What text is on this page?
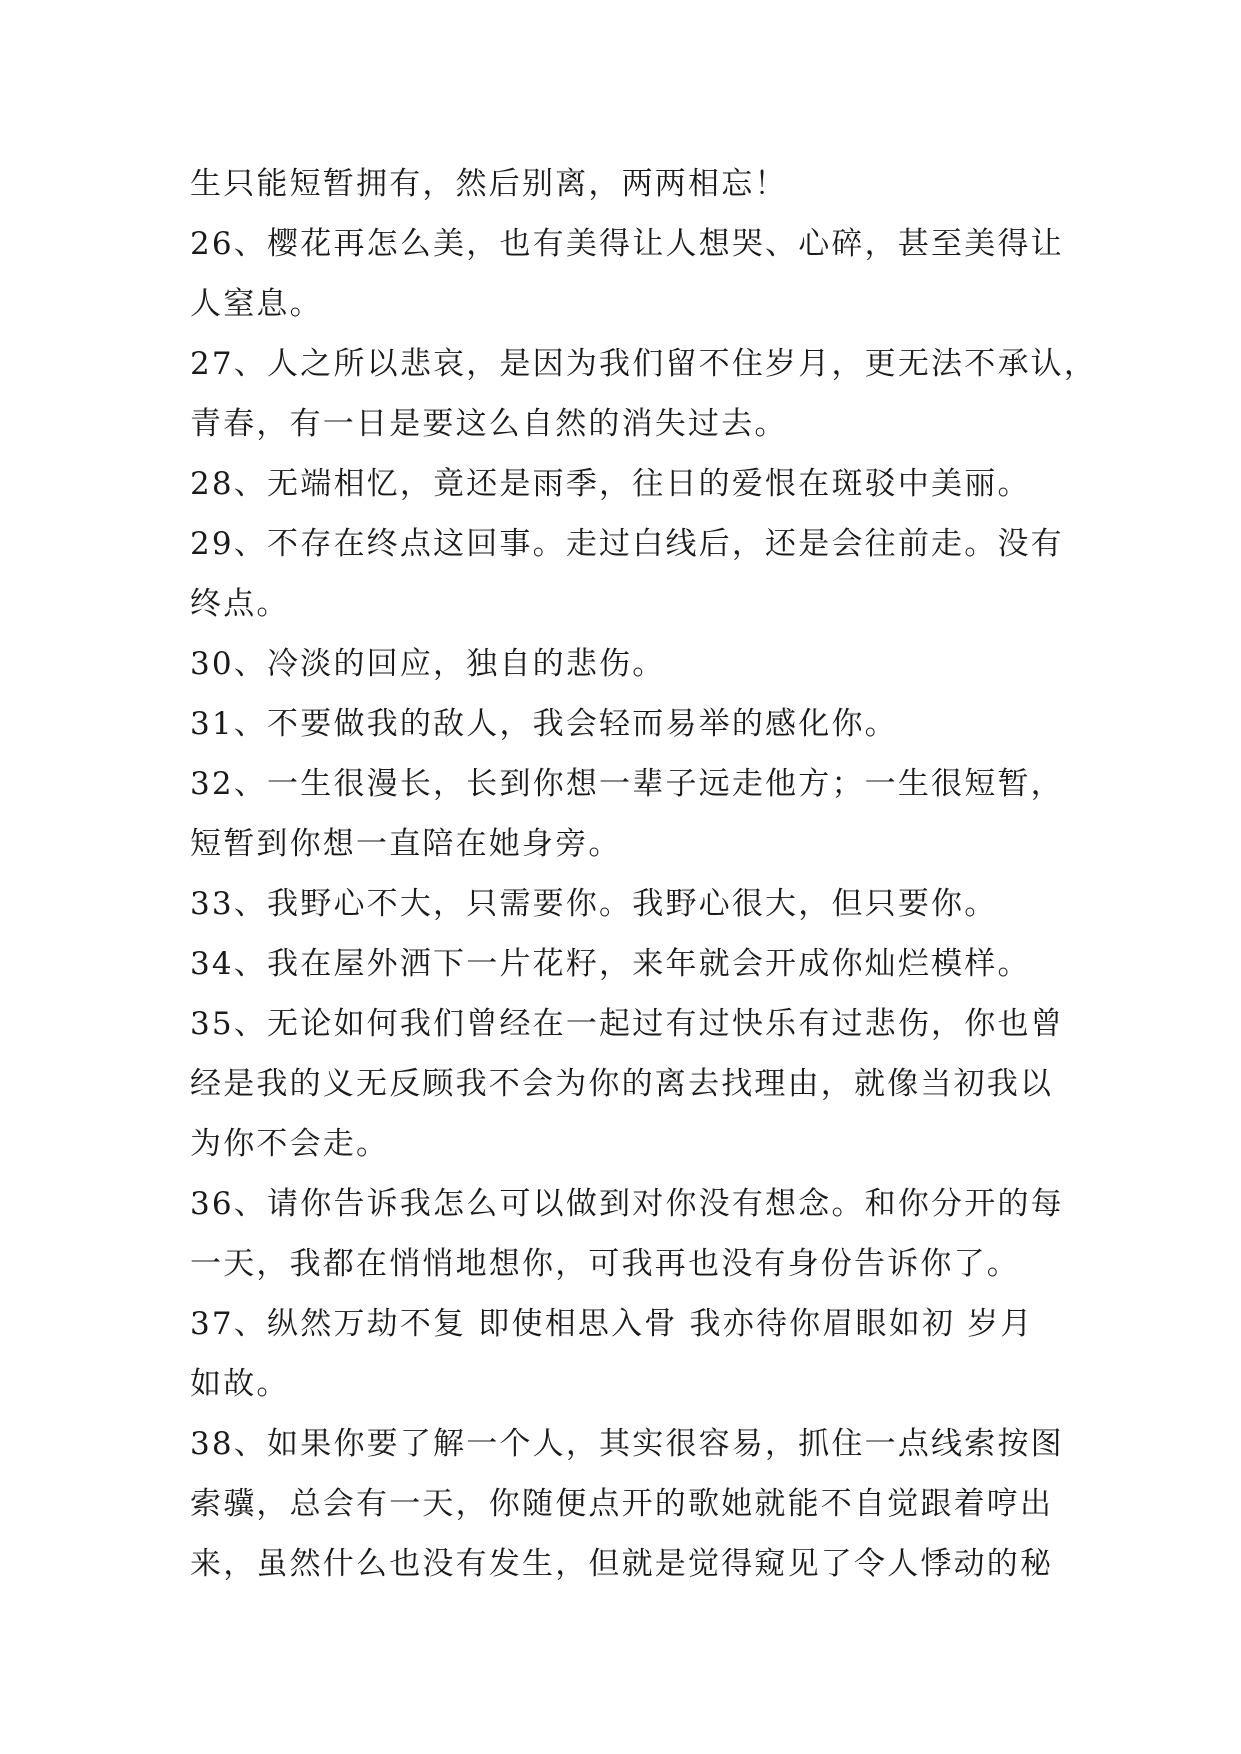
生只能短暂拥有，然后别离，两两相忘！
26、樱花再怎么美，也有美得让人想哭、心碎，甚至美得让
人窒息。
27、人之所以悲哀，是因为我们留不住岁月，更无法不承认，
青春，有一日是要这么自然的消失过去。
28、无端相忆，竟还是雨季，往日的爱恨在斑驳中美丽。
29、不存在终点这回事。走过白线后，还是会往前走。没有
终点。
30、冷淡的回应，独自的悲伤。
31、不要做我的敌人，我会轻而易举的感化你。
32、一生很漫长，长到你想一辈子远走他方；一生很短暂，
短暂到你想一直陪在她身旁。
33、我野心不大，只需要你。我野心很大，但只要你。
34、我在屋外洒下一片花籽，来年就会开成你灿烂模样。
35、无论如何我们曾经在一起过有过快乐有过悲伤，你也曾
经是我的义无反顾我不会为你的离去找理由，就像当初我以
为你不会走。
36、请你告诉我怎么可以做到对你没有想念。和你分开的每
一天，我都在悄悄地想你，可我再也没有身份告诉你了。
37、纵然万劫不复 即使相思入骨 我亦待你眉眼如初 岁月
如故。
38、如果你要了解一个人，其实很容易，抓住一点线索按图
索骥，总会有一天，你随便点开的歌她就能不自觉跟着哼出
来，虽然什么也没有发生，但就是觉得窥见了令人悸动的秘
